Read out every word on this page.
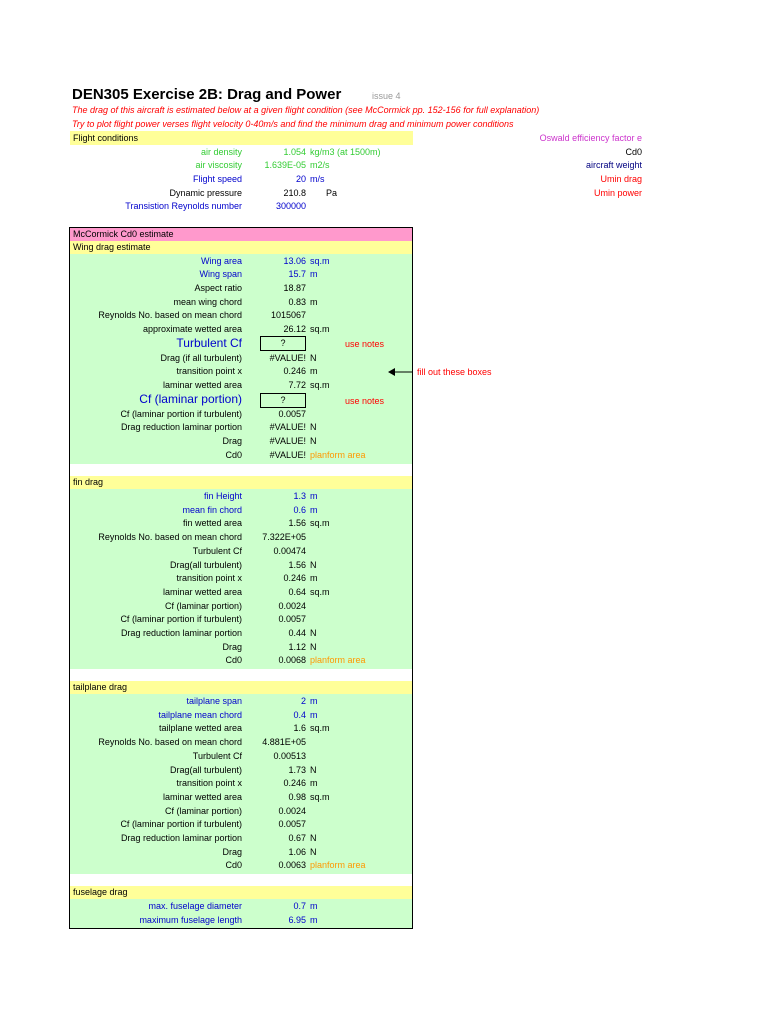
DEN305 Exercise 2B: Drag and Power	issue 4
The drag of this aircraft is estimated below at a given flight condition (see McCormick pp. 152-156 for full explanation)
Try to plot flight power verses flight velocity 0-40m/s and find the minimum drag and minimum power conditions
Flight conditions
air density	1.054 kg/m3 (at 1500m)
air viscosity 1.639E-05 m2/s
Flight speed	20 m/s
Dynamic pressure	210.8 Pa
Transistion Reynolds number	300000
Oswald efficiency factor e
Cd0
aircraft weight
Umin drag
Umin power
McCormick Cd0 estimate
Wing drag estimate
fin drag
tailplane drag
fuselage drag
Wing area	13.06 sq.m
Wing span	15.7 m
Aspect ratio	18.87
mean wing chord	0.83 m
Reynolds No. based on mean chord	1015067
approximate wetted area	26.12 sq.m
Turbulent Cf	?	use notes
Drag (if all turbulent)	#VALUE! N
transition point x	0.246 m	fill out these boxes
laminar wetted area	7.72 sq.m
Cf (laminar portion)	?	use notes
Cf (laminar portion if turbulent)	0.0057
Drag reduction laminar portion	#VALUE! N
Drag	#VALUE! N
Cd0	#VALUE! planform area
fin Height	1.3 m
mean fin chord	0.6 m
fin wetted area	1.56 sq.m
Reynolds No. based on mean chord 7.322E+05
Turbulent Cf	0.00474
Drag(all turbulent)	1.56 N
transition point x	0.246 m
laminar wetted area	0.64 sq.m
Cf (laminar portion)	0.0024
Cf (laminar portion if turbulent)	0.0057
Drag reduction laminar portion	0.44 N
Drag	1.12 N
Cd0	0.0068 planform area
tailplane span	2 m
tailplane mean chord	0.4 m
tailplane wetted area	1.6 sq.m
Reynolds No. based on mean chord 4.881E+05
Turbulent Cf	0.00513
Drag(all turbulent)	1.73 N
transition point x	0.246 m
laminar wetted area	0.98 sq.m
Cf (laminar portion)	0.0024
Cf (laminar portion if turbulent)	0.0057
Drag reduction laminar portion	0.67 N
Drag	1.06 N
Cd0	0.0063 planform area
max. fuselage diameter	0.7 m
maximum fuselage length	6.95 m
